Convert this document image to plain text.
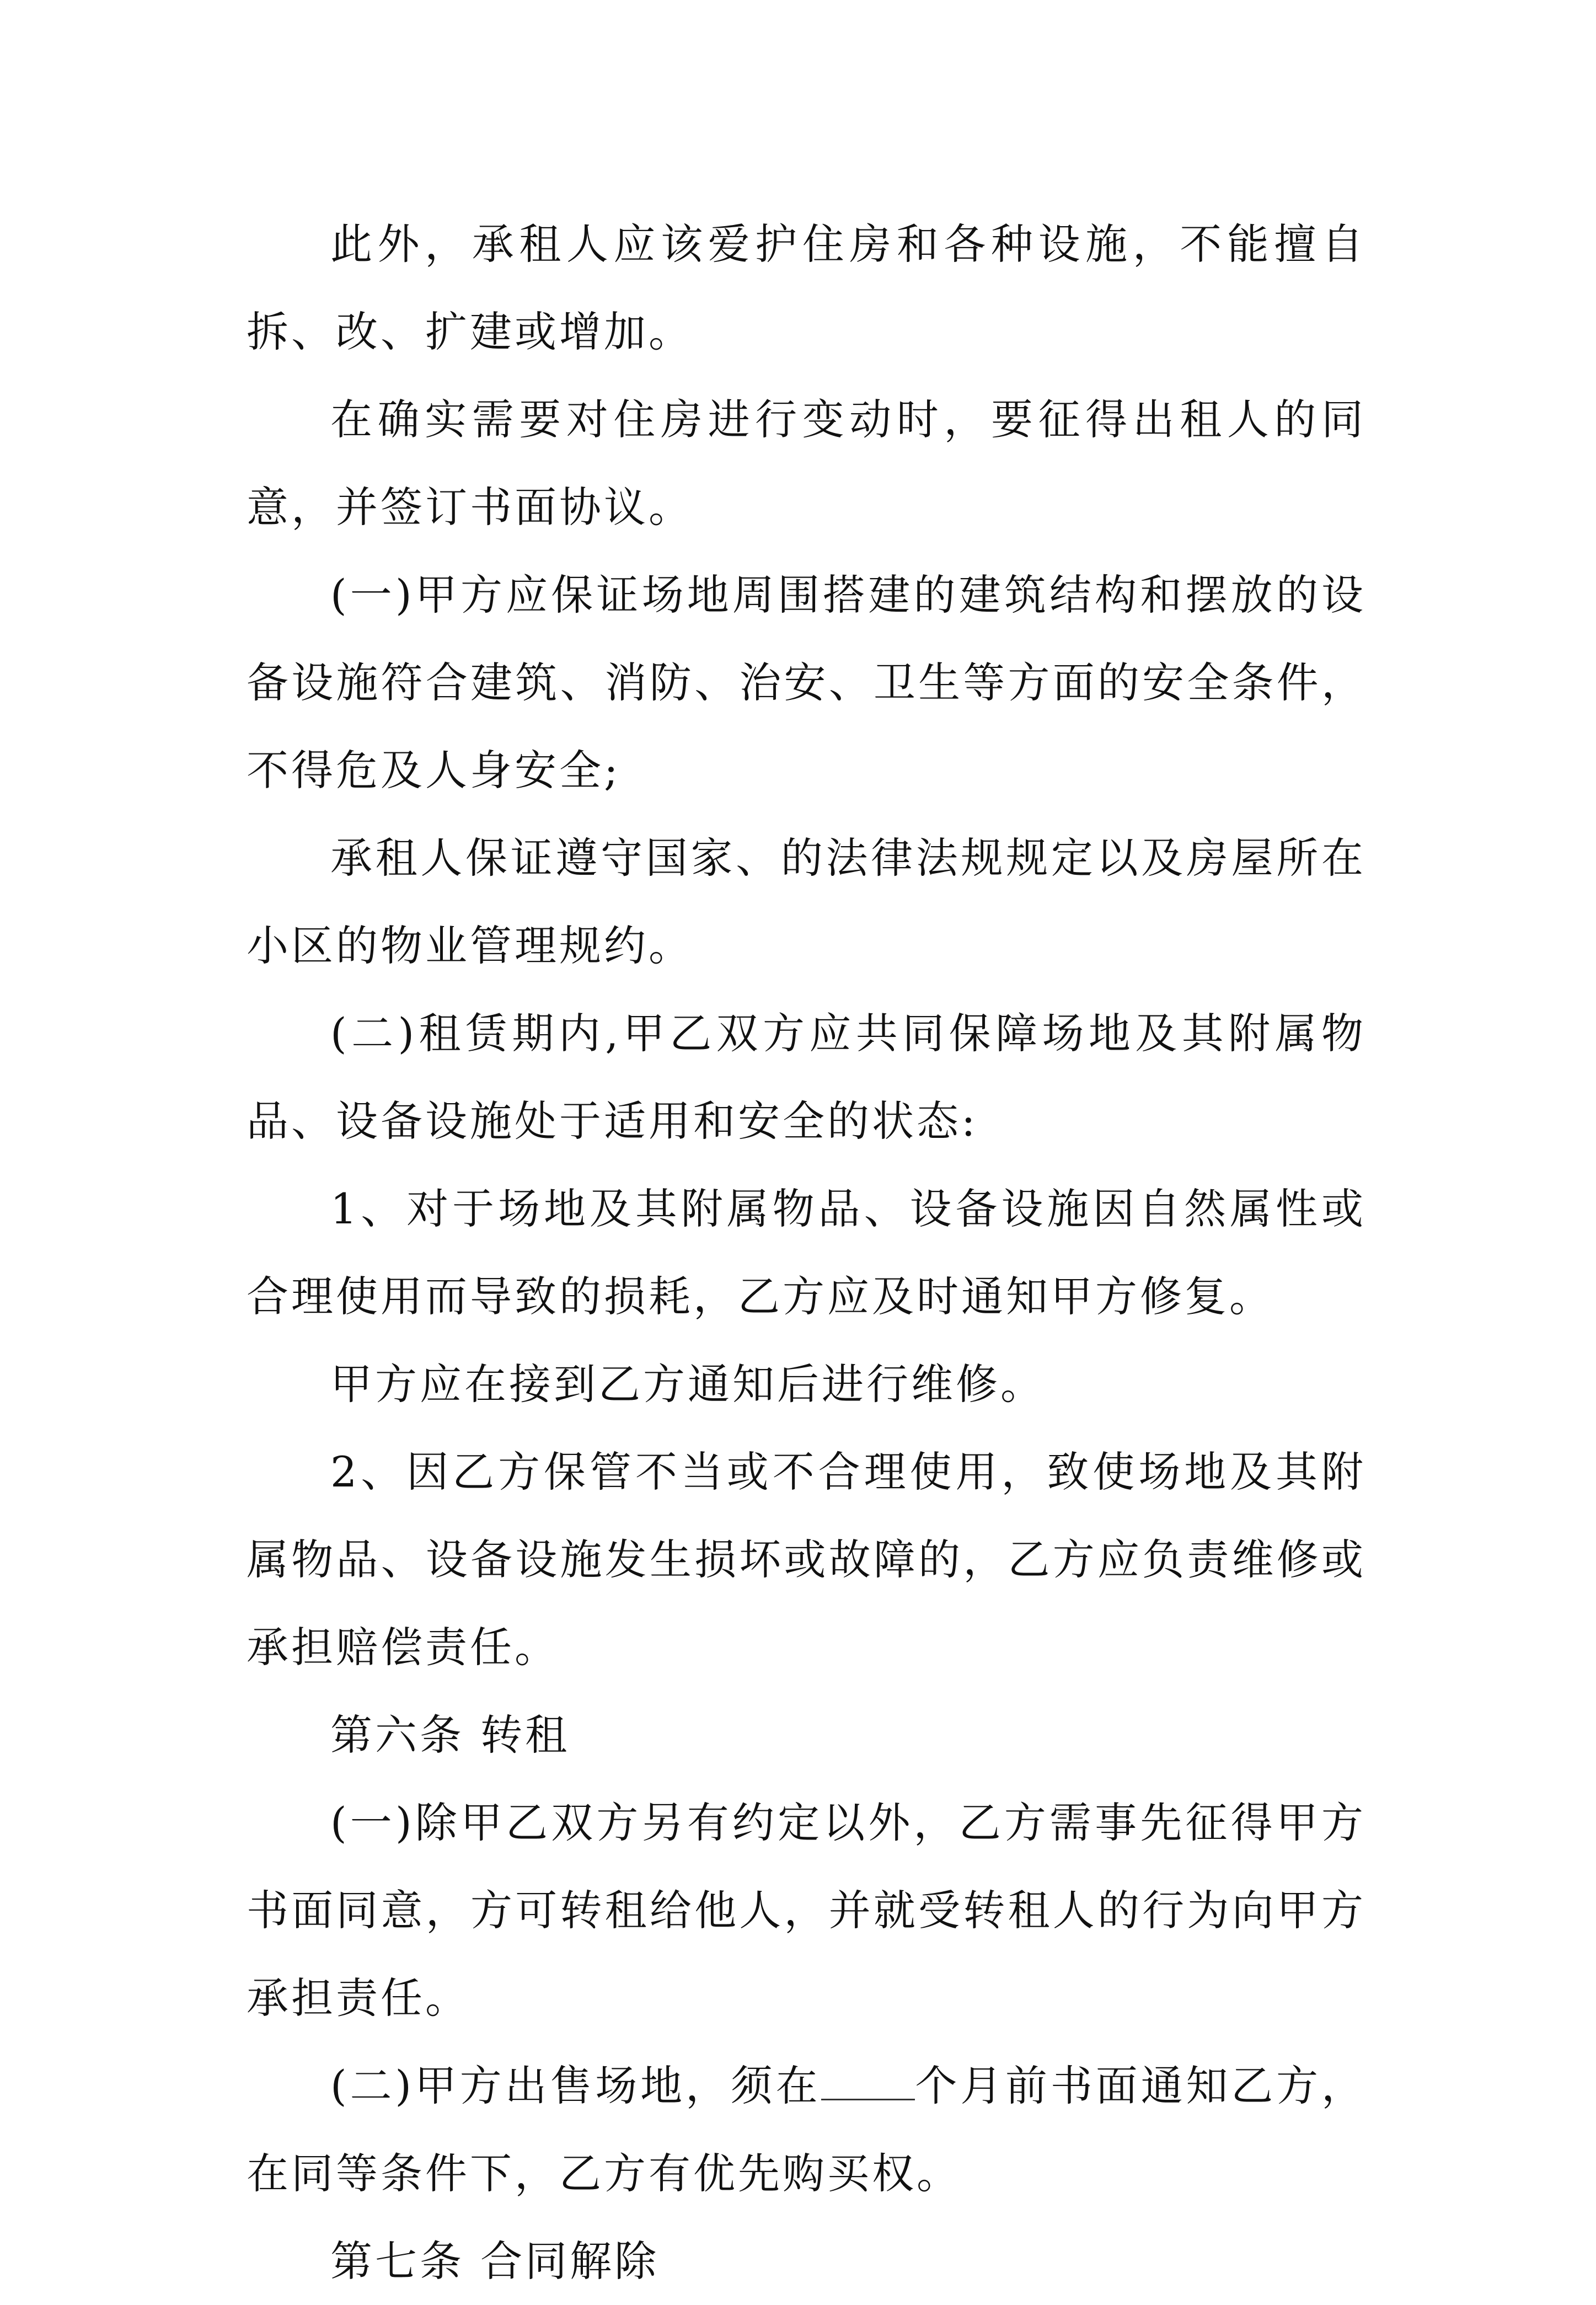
此外，承租人应该爱护住房和各种设施，不能擅自拆、改、扩建或增加。

在确实需要对住房进行变动时，要征得出租人的同意，并签订书面协议。

(一)甲方应保证场地周围搭建的建筑结构和摆放的设备设施符合建筑、消防、治安、卫生等方面的安全条件，不得危及人身安全;

承租人保证遵守国家、的法律法规规定以及房屋所在小区的物业管理规约。

(二)租赁期内,甲乙双方应共同保障场地及其附属物品、设备设施处于适用和安全的状态:

1、对于场地及其附属物品、设备设施因自然属性或合理使用而导致的损耗，乙方应及时通知甲方修复。

甲方应在接到乙方通知后进行维修。

2、因乙方保管不当或不合理使用，致使场地及其附属物品、设备设施发生损坏或故障的，乙方应负责维修或承担赔偿责任。

第六条 转租

(一)除甲乙双方另有约定以外，乙方需事先征得甲方书面同意，方可转租给他人，并就受转租人的行为向甲方承担责任。

(二)甲方出售场地，须在 个月前书面通知乙方，在同等条件下，乙方有优先购买权。

第七条 合同解除
